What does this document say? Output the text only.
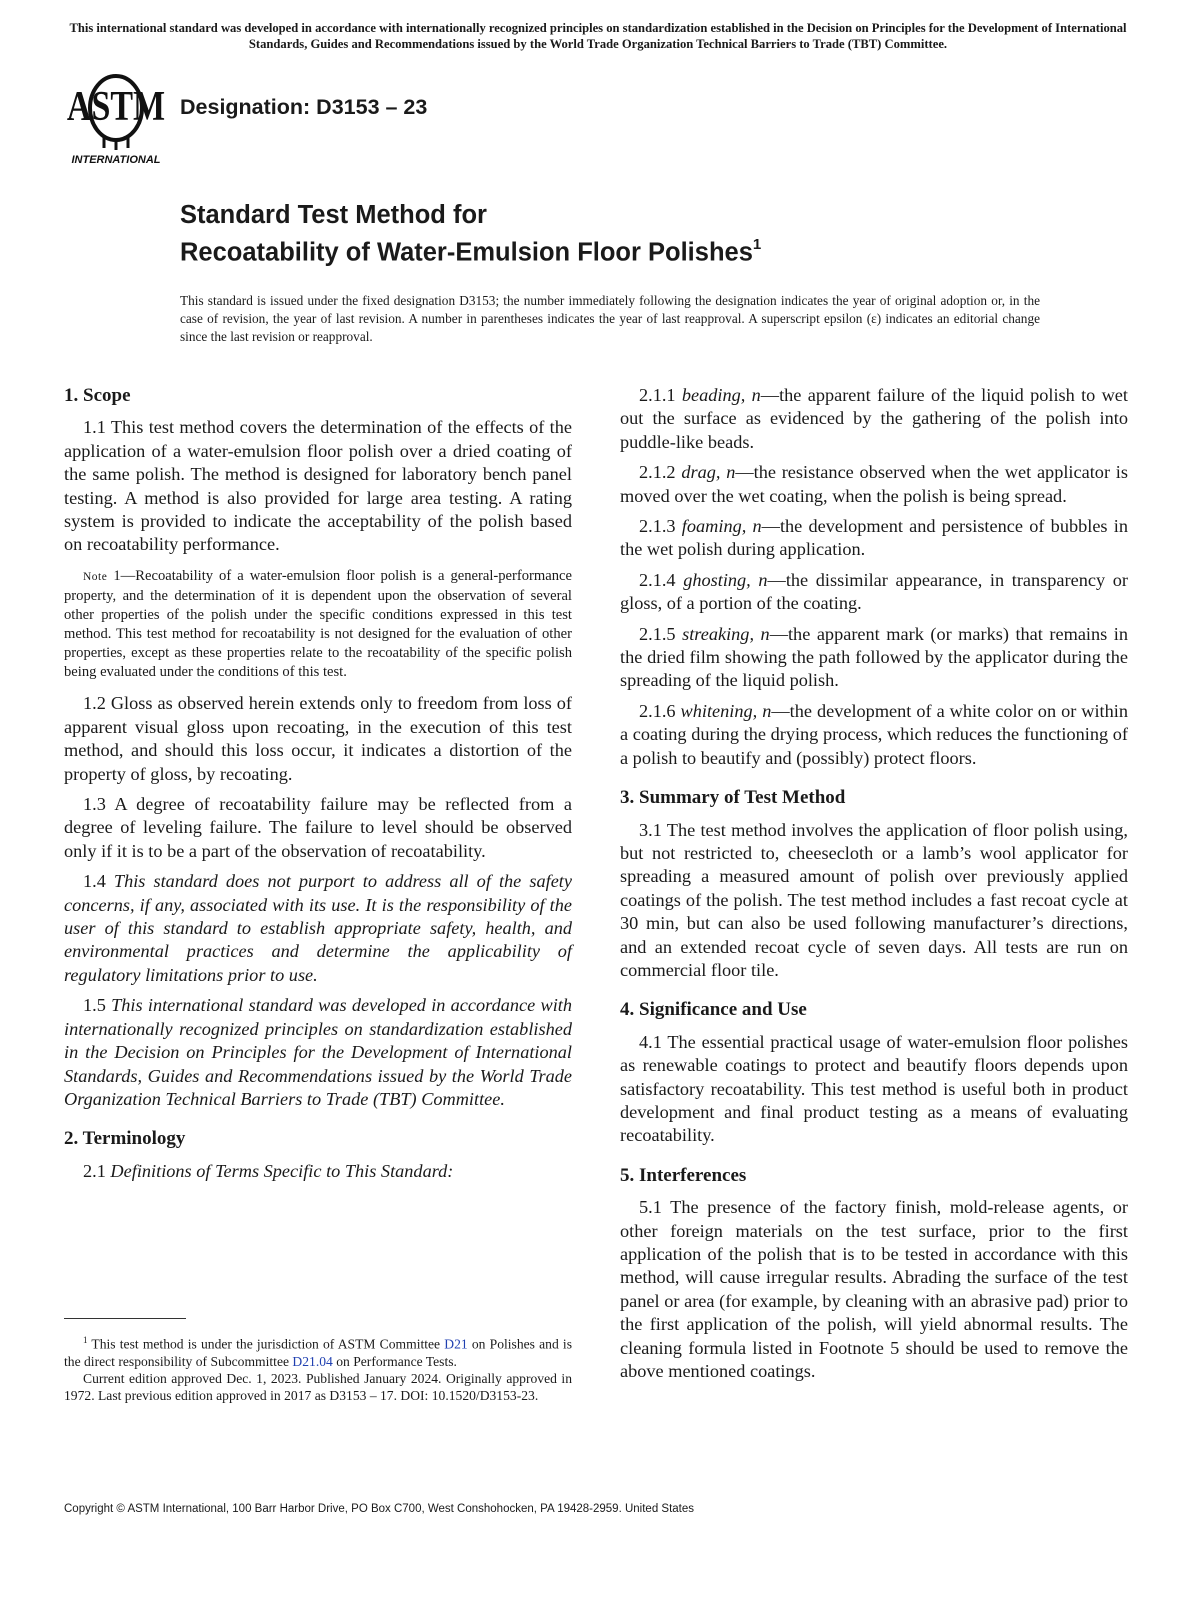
This international standard was developed in accordance with internationally recognized principles on standardization established in the Decision on Principles for the Development of International Standards, Guides and Recommendations issued by the World Trade Organization Technical Barriers to Trade (TBT) Committee.
ASTM
INTERNATIONAL
Designation: D3153 – 23
Standard Test Method for
Recoatability of Water-Emulsion Floor Polishes$^1$
This standard is issued under the fixed designation D3153; the number immediately following the designation indicates the year of original adoption or, in the case of revision, the year of last revision. A number in parentheses indicates the year of last reapproval. A superscript epsilon (ε) indicates an editorial change since the last revision or reapproval.
1. Scope

1.1 This test method covers the determination of the effects of the application of a water-emulsion floor polish over a dried coating of the same polish. The method is designed for laboratory bench panel testing. A method is also provided for large area testing. A rating system is provided to indicate the acceptability of the polish based on recoatability performance.

Note 1—Recoatability of a water-emulsion floor polish is a general-performance property, and the determination of it is dependent upon the observation of several other properties of the polish under the specific conditions expressed in this test method. This test method for recoatability is not designed for the evaluation of other properties, except as these properties relate to the recoatability of the specific polish being evaluated under the conditions of this test.

1.2 Gloss as observed herein extends only to freedom from loss of apparent visual gloss upon recoating, in the execution of this test method, and should this loss occur, it indicates a distortion of the property of gloss, by recoating.

1.3 A degree of recoatability failure may be reflected from a degree of leveling failure. The failure to level should be observed only if it is to be a part of the observation of recoatability.

1.4 This standard does not purport to address all of the safety concerns, if any, associated with its use. It is the responsibility of the user of this standard to establish appropriate safety, health, and environmental practices and determine the applicability of regulatory limitations prior to use.

1.5 This international standard was developed in accordance with internationally recognized principles on standardization established in the Decision on Principles for the Development of International Standards, Guides and Recommendations issued by the World Trade Organization Technical Barriers to Trade (TBT) Committee.

2. Terminology

2.1 Definitions of Terms Specific to This Standard:

2.1.1 beading, n—the apparent failure of the liquid polish to wet out the surface as evidenced by the gathering of the polish into puddle-like beads.

2.1.2 drag, n—the resistance observed when the wet applicator is moved over the wet coating, when the polish is being spread.

2.1.3 foaming, n—the development and persistence of bubbles in the wet polish during application.

2.1.4 ghosting, n—the dissimilar appearance, in transparency or gloss, of a portion of the coating.

2.1.5 streaking, n—the apparent mark (or marks) that remains in the dried film showing the path followed by the applicator during the spreading of the liquid polish.

2.1.6 whitening, n—the development of a white color on or within a coating during the drying process, which reduces the functioning of a polish to beautify and (possibly) protect floors.

3. Summary of Test Method

3.1 The test method involves the application of floor polish using, but not restricted to, cheesecloth or a lamb’s wool applicator for spreading a measured amount of polish over previously applied coatings of the polish. The test method includes a fast recoat cycle at 30 min, but can also be used following manufacturer’s directions, and an extended recoat cycle of seven days. All tests are run on commercial floor tile.

4. Significance and Use

4.1 The essential practical usage of water-emulsion floor polishes as renewable coatings to protect and beautify floors depends upon satisfactory recoatability. This test method is useful both in product development and final product testing as a means of evaluating recoatability.

5. Interferences

5.1 The presence of the factory finish, mold-release agents, or other foreign materials on the test surface, prior to the first application of the polish that is to be tested in accordance with this method, will cause irregular results. Abrading the surface of the test panel or area (for example, by cleaning with an abrasive pad) prior to the first application of the polish, will yield abnormal results. The cleaning formula listed in Footnote 5 should be used to remove the above mentioned coatings.

$^1$ This test method is under the jurisdiction of ASTM Committee D21 on Polishes and is the direct responsibility of Subcommittee D21.04 on Performance Tests.

Current edition approved Dec. 1, 2023. Published January 2024. Originally approved in 1972. Last previous edition approved in 2017 as D3153 – 17. DOI: 10.1520/D3153-23.

Copyright © ASTM International, 100 Barr Harbor Drive, PO Box C700, West Conshohocken, PA 19428-2959. United States
